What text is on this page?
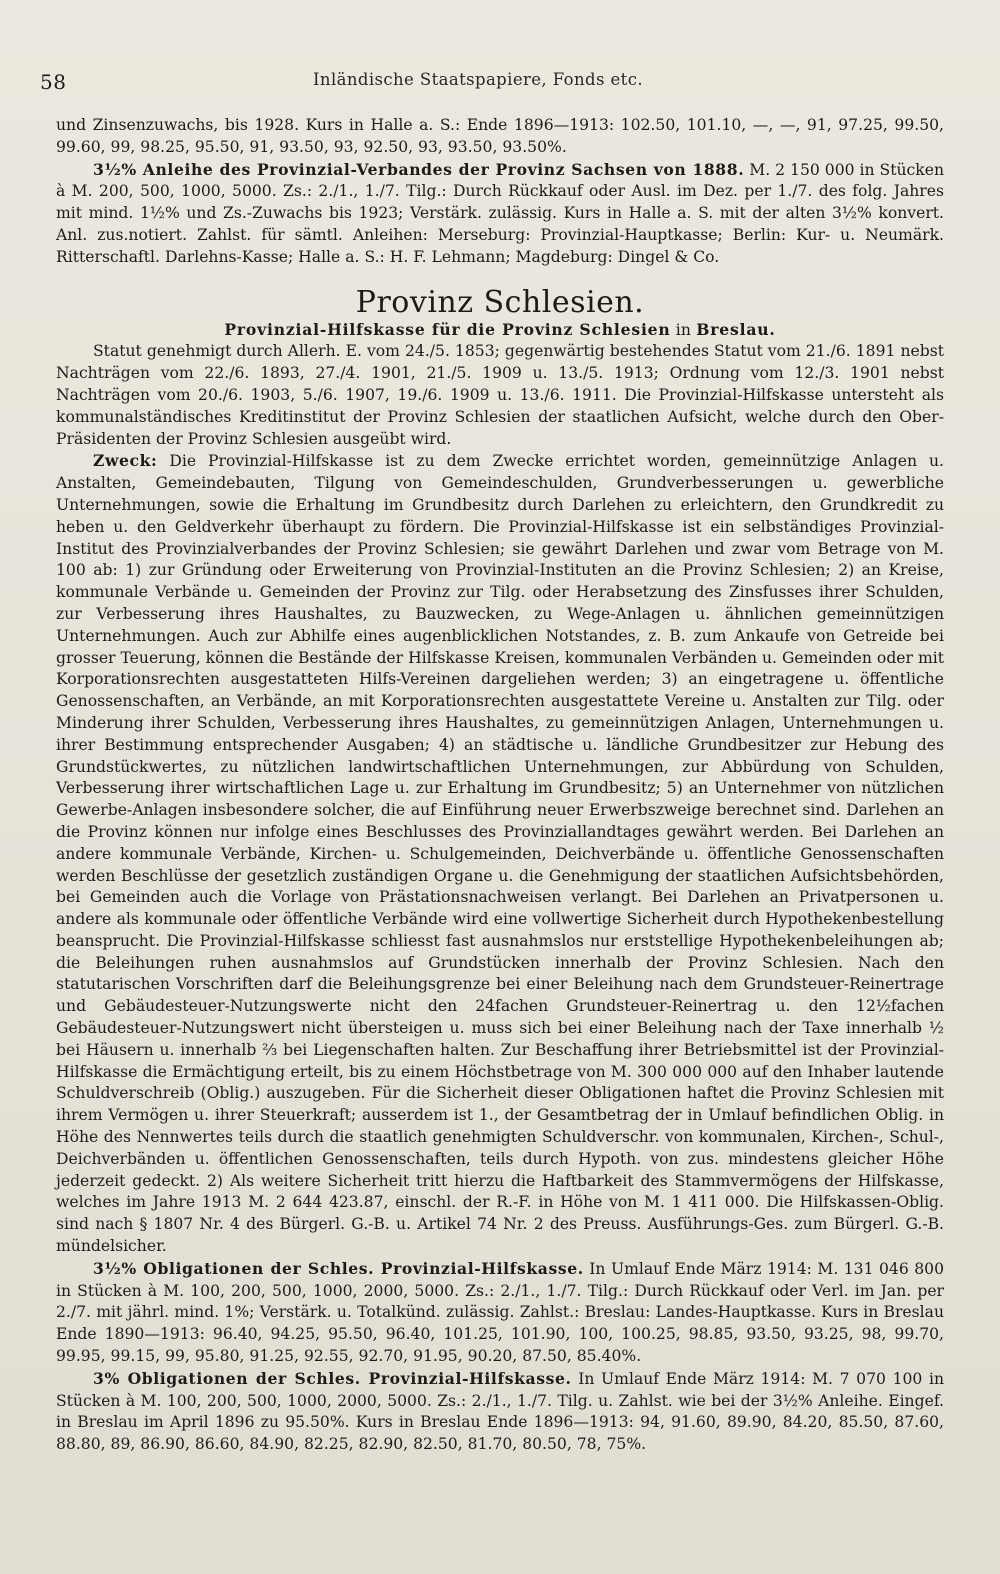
58	Inländische Staatspapiere, Fonds etc.

und Zinsenzuwachs, bis 1928. Kurs in Halle a. S.: Ende 1896—1913: 102.50, 101.10, —, —, 91, 97.25, 99.50, 99.60, 99, 98.25, 95.50, 91, 93.50, 93, 92.50, 93, 93.50, 93.50%.

3½% Anleihe des Provinzial-Verbandes der Provinz Sachsen von 1888. M. 2 150 000 in Stücken à M. 200, 500, 1000, 5000. Zs.: 2./1., 1./7. Tilg.: Durch Rückkauf oder Ausl. im Dez. per 1./7. des folg. Jahres mit mind. 1½% und Zs.-Zuwachs bis 1923; Verstärk. zulässig. Kurs in Halle a. S. mit der alten 3½% konvert. Anl. zus.notiert. Zahlst. für sämtl. Anleihen: Merseburg: Provinzial-Hauptkasse; Berlin: Kur- u. Neumärk. Ritterschaftl. Darlehns-Kasse; Halle a. S.: H. F. Lehmann; Magdeburg: Dingel & Co.

Provinz Schlesien.
Provinzial-Hilfskasse für die Provinz Schlesien in Breslau.

Statut genehmigt durch Allerh. E. vom 24./5. 1853; gegenwärtig bestehendes Statut vom 21./6. 1891 nebst Nachträgen vom 22./6. 1893, 27./4. 1901, 21./5. 1909 u. 13./5. 1913; Ordnung vom 12./3. 1901 nebst Nachträgen vom 20./6. 1903, 5./6. 1907, 19./6. 1909 u. 13./6. 1911. Die Provinzial-Hilfskasse untersteht als kommunalständisches Kreditinstitut der Provinz Schlesien der staatlichen Aufsicht, welche durch den Ober-Präsidenten der Provinz Schlesien ausgeübt wird.

Zweck: Die Provinzial-Hilfskasse ist zu dem Zwecke errichtet worden, gemeinnützige Anlagen u. Anstalten, Gemeindebauten, Tilgung von Gemeindeschulden, Grundverbesserungen u. gewerbliche Unternehmungen, sowie die Erhaltung im Grundbesitz durch Darlehen zu erleichtern, den Grundkredit zu heben u. den Geldverkehr überhaupt zu fördern. Die Provinzial-Hilfskasse ist ein selbständiges Provinzial-Institut des Provinzialverbandes der Provinz Schlesien; sie gewährt Darlehen und zwar vom Betrage von M. 100 ab: 1) zur Gründung oder Erweiterung von Provinzial-Instituten an die Provinz Schlesien; 2) an Kreise, kommunale Verbände u. Gemeinden der Provinz zur Tilg. oder Herabsetzung des Zinsfusses ihrer Schulden, zur Verbesserung ihres Haushaltes, zu Bauzwecken, zu Wege-Anlagen u. ähnlichen gemeinnützigen Unternehmungen. Auch zur Abhilfe eines augenblicklichen Notstandes, z. B. zum Ankaufe von Getreide bei grosser Teuerung, können die Bestände der Hilfskasse Kreisen, kommunalen Verbänden u. Gemeinden oder mit Korporationsrechten ausgestatteten Hilfs-Vereinen dargeliehen werden; 3) an eingetragene u. öffentliche Genossenschaften, an Verbände, an mit Korporationsrechten ausgestattete Vereine u. Anstalten zur Tilg. oder Minderung ihrer Schulden, Verbesserung ihres Haushaltes, zu gemeinnützigen Anlagen, Unternehmungen u. ihrer Bestimmung entsprechender Ausgaben; 4) an städtische u. ländliche Grundbesitzer zur Hebung des Grundstückwertes, zu nützlichen landwirtschaftlichen Unternehmungen, zur Abbürdung von Schulden, Verbesserung ihrer wirtschaftlichen Lage u. zur Erhaltung im Grundbesitz; 5) an Unternehmer von nützlichen Gewerbe-Anlagen insbesondere solcher, die auf Einführung neuer Erwerbszweige berechnet sind. Darlehen an die Provinz können nur infolge eines Beschlusses des Provinziallandtages gewährt werden. Bei Darlehen an andere kommunale Verbände, Kirchen- u. Schulgemeinden, Deichverbände u. öffentliche Genossenschaften werden Beschlüsse der gesetzlich zuständigen Organe u. die Genehmigung der staatlichen Aufsichtsbehörden, bei Gemeinden auch die Vorlage von Prästationsnachweisen verlangt. Bei Darlehen an Privatpersonen u. andere als kommunale oder öffentliche Verbände wird eine vollwertige Sicherheit durch Hypothekenbestellung beansprucht. Die Provinzial-Hilfskasse schliesst fast ausnahmslos nur erststellige Hypothekenbeleihungen ab; die Beleihungen ruhen ausnahmslos auf Grundstücken innerhalb der Provinz Schlesien. Nach den statutarischen Vorschriften darf die Beleihungsgrenze bei einer Beleihung nach dem Grundsteuer-Reinertrage und Gebäudesteuer-Nutzungswerte nicht den 24fachen Grundsteuer-Reinertrag u. den 12½fachen Gebäudesteuer-Nutzungswert nicht übersteigen u. muss sich bei einer Beleihung nach der Taxe innerhalb ½ bei Häusern u. innerhalb ⅔ bei Liegenschaften halten. Zur Beschaffung ihrer Betriebsmittel ist der Provinzial-Hilfskasse die Ermächtigung erteilt, bis zu einem Höchstbetrage von M. 300 000 000 auf den Inhaber lautende Schuldverschreib (Oblig.) auszugeben. Für die Sicherheit dieser Obligationen haftet die Provinz Schlesien mit ihrem Vermögen u. ihrer Steuerkraft; ausserdem ist 1., der Gesamtbetrag der in Umlauf befindlichen Oblig. in Höhe des Nennwertes teils durch die staatlich genehmigten Schuldverschr. von kommunalen, Kirchen-, Schul-, Deichverbänden u. öffentlichen Genossenschaften, teils durch Hypoth. von zus. mindestens gleicher Höhe jederzeit gedeckt. 2) Als weitere Sicherheit tritt hierzu die Haftbarkeit des Stammvermögens der Hilfskasse, welches im Jahre 1913 M. 2 644 423.87, einschl. der R.-F. in Höhe von M. 1 411 000. Die Hilfskassen-Oblig. sind nach § 1807 Nr. 4 des Bürgerl. G.-B. u. Artikel 74 Nr. 2 des Preuss. Ausführungs-Ges. zum Bürgerl. G.-B. mündelsicher.

3½% Obligationen der Schles. Provinzial-Hilfskasse. In Umlauf Ende März 1914: M. 131 046 800 in Stücken à M. 100, 200, 500, 1000, 2000, 5000. Zs.: 2./1., 1./7. Tilg.: Durch Rückkauf oder Verl. im Jan. per 2./7. mit jährl. mind. 1%; Verstärk. u. Totalkünd. zulässig. Zahlst.: Breslau: Landes-Hauptkasse. Kurs in Breslau Ende 1890—1913: 96.40, 94.25, 95.50, 96.40, 101.25, 101.90, 100, 100.25, 98.85, 93.50, 93.25, 98, 99.70, 99.95, 99.15, 99, 95.80, 91.25, 92.55, 92.70, 91.95, 90.20, 87.50, 85.40%.

3% Obligationen der Schles. Provinzial-Hilfskasse. In Umlauf Ende März 1914: M. 7 070 100 in Stücken à M. 100, 200, 500, 1000, 2000, 5000. Zs.: 2./1., 1./7. Tilg. u. Zahlst. wie bei der 3½% Anleihe. Eingef. in Breslau im April 1896 zu 95.50%. Kurs in Breslau Ende 1896—1913: 94, 91.60, 89.90, 84.20, 85.50, 87.60, 88.80, 89, 86.90, 86.60, 84.90, 82.25, 82.90, 82.50, 81.70, 80.50, 78, 75%.
